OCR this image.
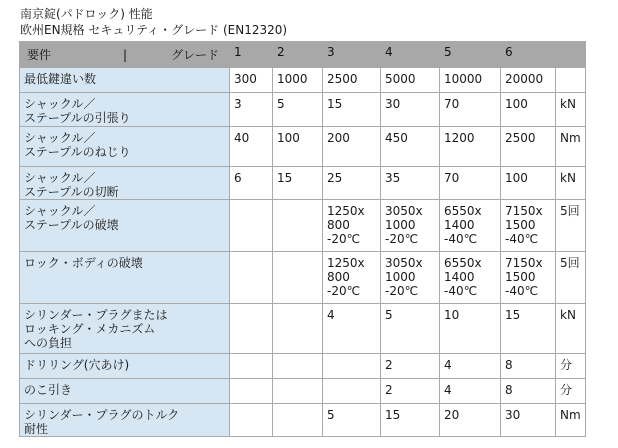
南京錠(パドロック) 性能
欧州EN規格 セキュリティ・グレード (EN12320)
要件 | グレード	1	2	3	4	5	6	

最低鍵違い数	300	1000	2500	5000	10000	20000	

シャックル／
ステープルの引張り	3	5	15	30	70	100	kN

シャックル／
ステープルのねじり	40	100	200	450	1200	2500	Nm

シャックル／
ステープルの切断	6	15	25	35	70	100	kN

シャックル／
ステープルの破壊			1250x
800
-20℃	3050x
1000
-20℃	6550x
1400
-40℃	7150x
1500
-40℃	5回

ロック・ボディの破壊			1250x
800
-20℃	3050x
1000
-20℃	6550x
1400
-40℃	7150x
1500
-40℃	5回

シリンダー・プラグまたは
ロッキング・メカニズム
への負担			4	5	10	15	kN

ドリリング(穴あけ)				2	4	8	分

のこ引き				2	4	8	分

シリンダー・プラグのトルク
耐性			5	15	20	30	Nm
